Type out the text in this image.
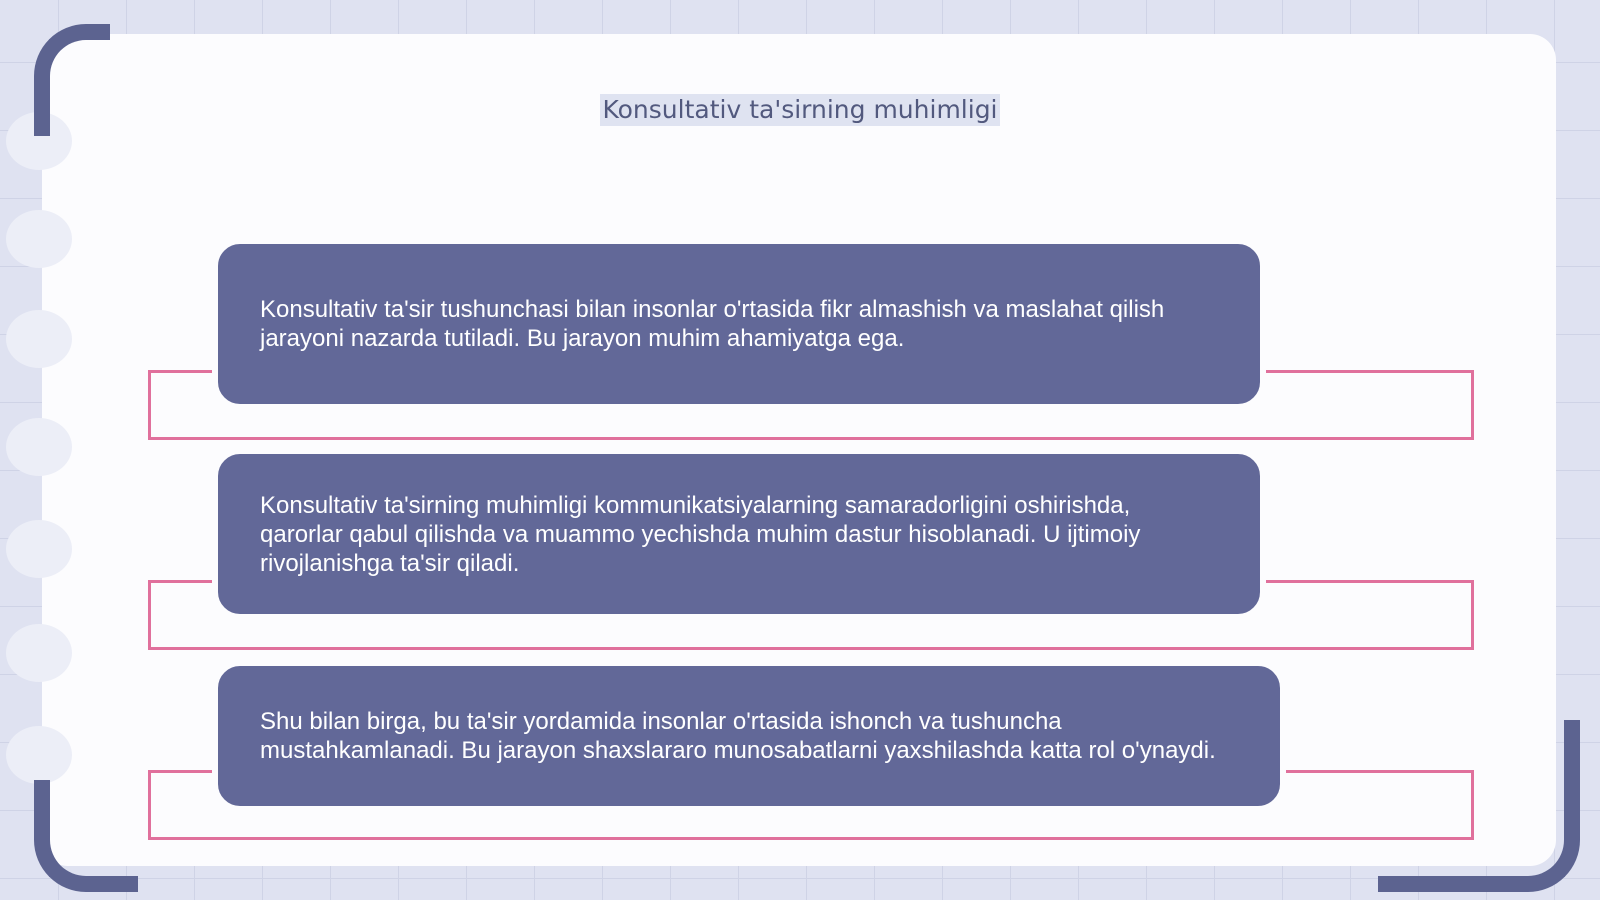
Konsultativ ta'sirning muhimligi

Konsultativ ta'sir tushunchasi bilan insonlar o'rtasida fikr almashish va maslahat qilish jarayoni nazarda tutiladi. Bu jarayon muhim ahamiyatga ega.

Konsultativ ta'sirning muhimligi kommunikatsiyalarning samaradorligini oshirishda, qarorlar qabul qilishda va muammo yechishda muhim dastur hisoblanadi. U ijtimoiy rivojlanishga ta'sir qiladi.

Shu bilan birga, bu ta'sir yordamida insonlar o'rtasida ishonch va tushuncha mustahkamlanadi. Bu jarayon shaxslararo munosabatlarni yaxshilashda katta rol o'ynaydi.
